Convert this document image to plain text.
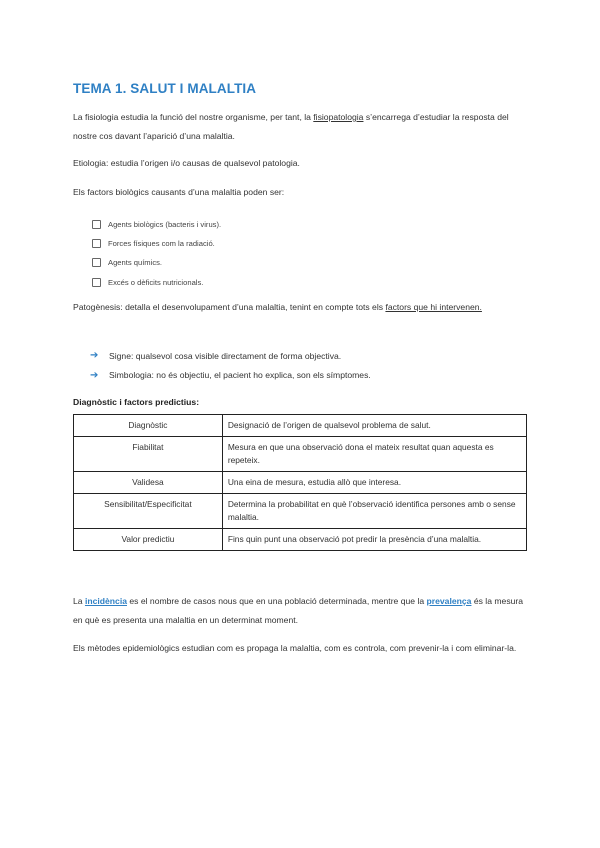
TEMA 1. SALUT I MALALTIA

La fisiologia estudia la funció del nostre organisme, per tant, la fisiopatologia s’encarrega d’estudiar la resposta del nostre cos davant l’aparició d’una malaltia.

Etiologia: estudia l’origen i/o causas de qualsevol patologia.

Els factors biològics causants d’una malaltia poden ser:

Agents biològics (bacteris i virus).
Forces físiques com la radiació.
Agents químics.
Excés o dèficits nutricionals.

Patogènesis: detalla el desenvolupament d’una malaltia, tenint en compte tots els factors que hi intervenen.

➔	Signe: qualsevol cosa visible directament de forma objectiva.
➔	Simbologia: no és objectiu, el pacient ho explica, son els símptomes.

Diagnòstic i factors predictius:

Diagnòstic	Designació de l’origen de qualsevol problema de salut.
Fiabilitat	Mesura en que una observació dona el mateix resultat quan aquesta es repeteix.
Validesa	Una eina de mesura, estudia allò que interesa.
Sensibilitat/Especificitat	Determina la probabilitat en què l’observació identifica persones amb o sense malaltia.
Valor predictiu	Fins quin punt una observació pot predir la presència d’una malaltia.

La incidència es el nombre de casos nous que en una població determinada, mentre que la prevalença és la mesura en què es presenta una malaltia en un determinat moment.

Els mètodes epidemiològics estudian com es propaga la malaltia, com es controla, com prevenir-la i com eliminar-la.
